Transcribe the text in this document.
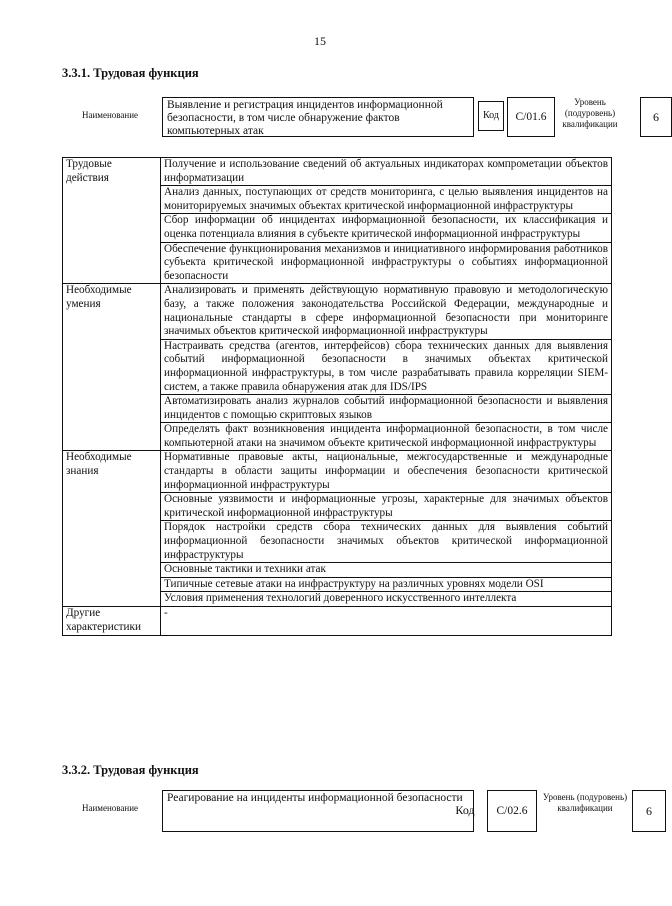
15
3.3.1. Трудовая функция
Наименование
Выявление и регистрация инцидентов информационной безопасности, в том числе обнаружение фактов компьютерных атак
Код	C/01.6
Уровень (подуровень) квалификации	6
Трудовые действия	Получение и использование сведений об актуальных индикаторах компрометации объектов информатизации
	Анализ данных, поступающих от средств мониторинга, с целью выявления инцидентов на мониторируемых значимых объектах критической информационной инфраструктуры
	Сбор информации об инцидентах информационной безопасности, их классификация и оценка потенциала влияния в субъекте критической информационной инфраструктуры
	Обеспечение функционирования механизмов и инициативного информирования работников субъекта критической информационной инфраструктуры о событиях информационной безопасности
Необходимые умения	Анализировать и применять действующую нормативную правовую и методологическую базу, а также положения законодательства Российской Федерации, международные и национальные стандарты в сфере информационной безопасности при мониторинге значимых объектов критической информационной инфраструктуры
	Настраивать средства (агентов, интерфейсов) сбора технических данных для выявления событий информационной безопасности в значимых объектах критической информационной инфраструктуры, в том числе разрабатывать правила корреляции SIEM-систем, а также правила обнаружения атак для IDS/IPS
	Автоматизировать анализ журналов событий информационной безопасности и выявления инцидентов с помощью скриптовых языков
	Определять факт возникновения инцидента информационной безопасности, в том числе компьютерной атаки на значимом объекте критической информационной инфраструктуры
Необходимые знания	Нормативные правовые акты, национальные, межгосударственные и международные стандарты в области защиты информации и обеспечения безопасности критической информационной инфраструктуры
	Основные уязвимости и информационные угрозы, характерные для значимых объектов критической информационной инфраструктуры
	Порядок настройки средств сбора технических данных для выявления событий информационной безопасности значимых объектов критической информационной инфраструктуры
	Основные тактики и техники атак
	Типичные сетевые атаки на инфраструктуру на различных уровнях модели OSI
	Условия применения технологий доверенного искусственного интеллекта
Другие характеристики	-
3.3.2. Трудовая функция
Наименование
Реагирование на инциденты информационной безопасности
Код	C/02.6
Уровень (подуровень) квалификации	6
